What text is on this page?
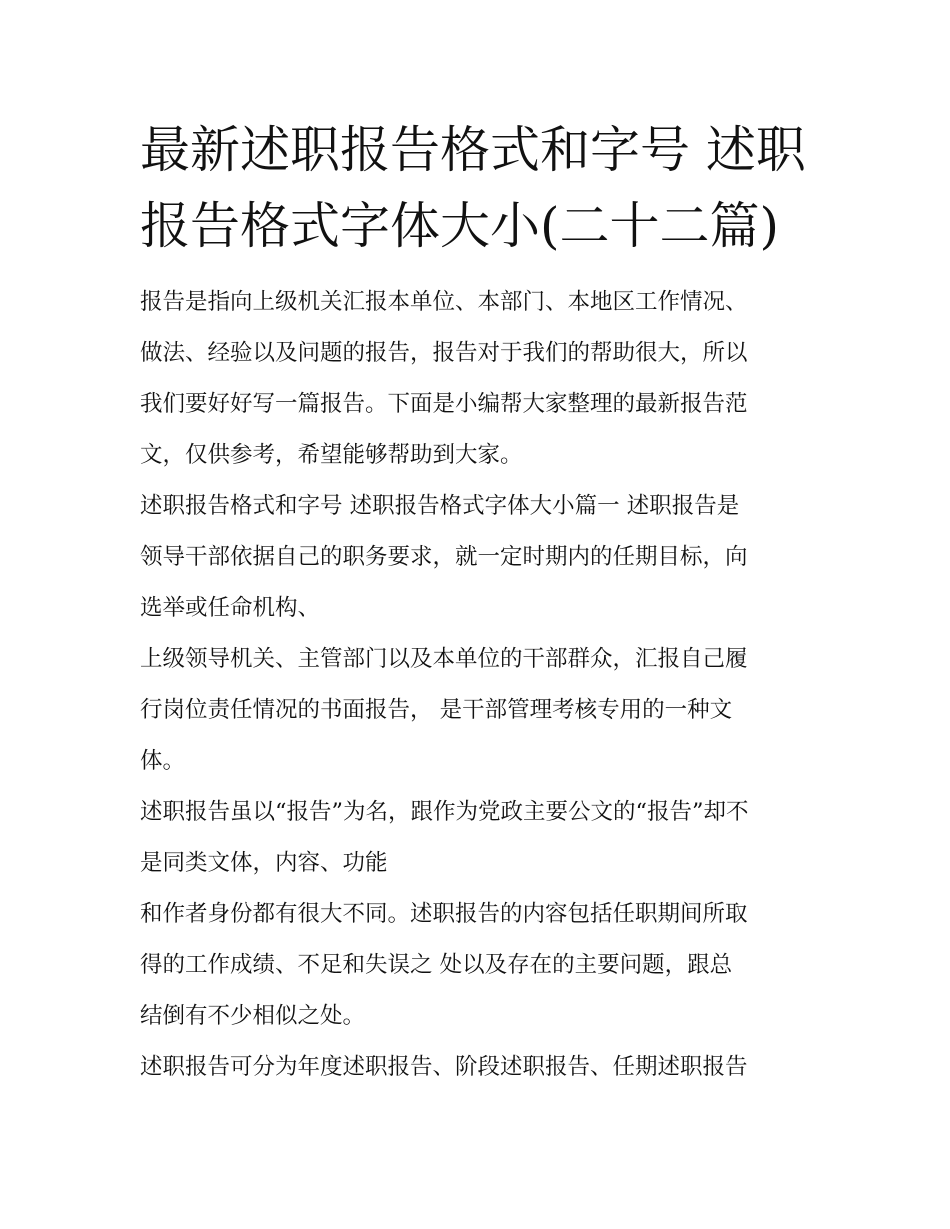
最新述职报告格式和字号 述职
报告格式字体大小(二十二篇)
报告是指向上级机关汇报本单位、本部门、本地区工作情况、
做法、经验以及问题的报告，报告对于我们的帮助很大，所以
我们要好好写一篇报告。下面是小编帮大家整理的最新报告范
文，仅供参考，希望能够帮助到大家。
述职报告格式和字号 述职报告格式字体大小篇一 述职报告是
领导干部依据自己的职务要求，就一定时期内的任期目标，向
选举或任命机构、
上级领导机关、主管部门以及本单位的干部群众，汇报自己履
行岗位责任情况的书面报告， 是干部管理考核专用的一种文
体。
述职报告虽以“报告”为名，跟作为党政主要公文的“报告”却不
是同类文体，内容、功能
和作者身份都有很大不同。述职报告的内容包括任职期间所取
得的工作成绩、不足和失误之 处以及存在的主要问题，跟总
结倒有不少相似之处。
述职报告可分为年度述职报告、阶段述职报告、任期述职报告
